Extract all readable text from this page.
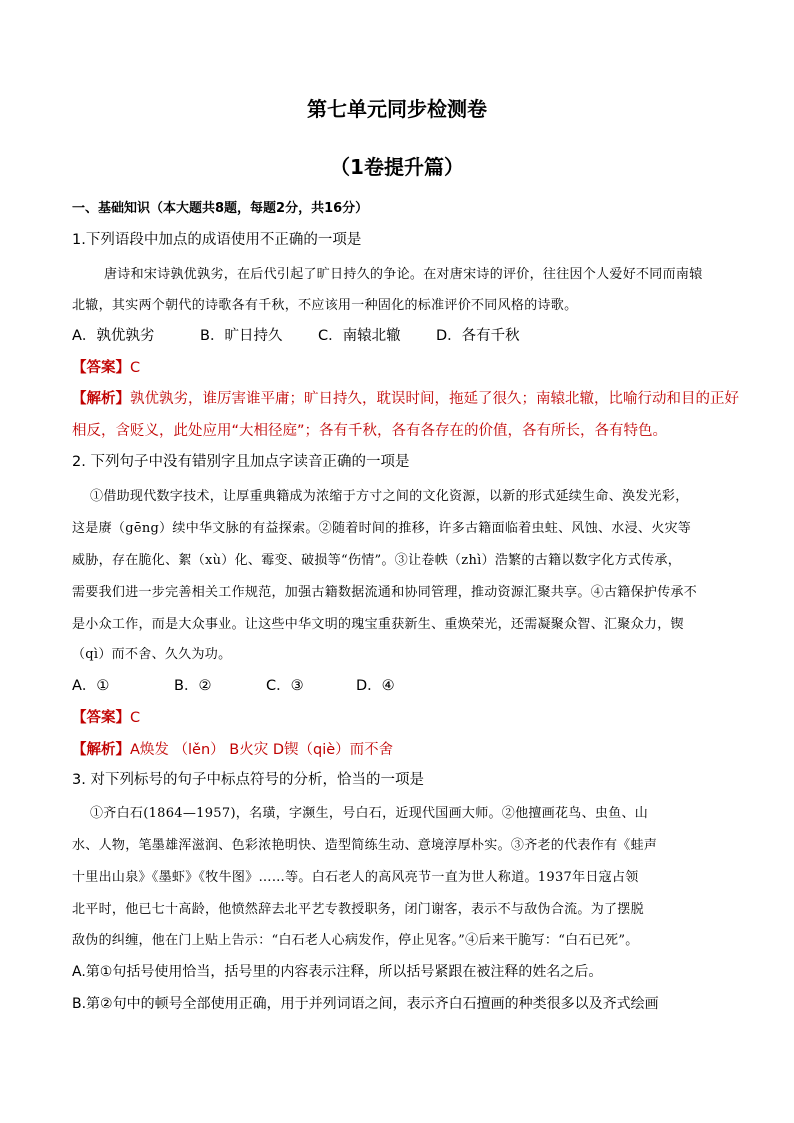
第七单元同步检测卷
（1卷提升篇）
一、基础知识（本大题共8题，每题2分，共16分）
1.下列语段中加点的成语使用不正确的一项是
唐诗和宋诗孰优孰劣，在后代引起了旷日持久的争论。在对唐宋诗的评价，往往因个人爱好不同而南辕
北辙，其实两个朝代的诗歌各有千秋，不应该用一种固化的标准评价不同风格的诗歌。
A．孰优孰劣	B．旷日持久 C．南辕北辙 D．各有千秋
【答案】C
【解析】孰优孰劣，谁厉害谁平庸；旷日持久，耽误时间，拖延了很久；南辕北辙，比喻行动和目的正好
相反，含贬义，此处应用“大相径庭”；各有千秋，各有各存在的价值，各有所长，各有特色。
2. 下列句子中没有错别字且加点字读音正确的一项是
①借助现代数字技术，让厚重典籍成为浓缩于方寸之间的文化资源，以新的形式延续生命、涣发光彩，
这是赓（gēng）续中华文脉的有益探索。②随着时间的推移，许多古籍面临着虫蛀、风蚀、水浸、火灾等
威胁，存在脆化、絮（xù）化、霉变、破损等“伤情”。③让卷帙（zhì）浩繁的古籍以数字化方式传承，
需要我们进一步完善相关工作规范，加强古籍数据流通和协同管理，推动资源汇聚共享。④古籍保护传承不
是小众工作，而是大众事业。让这些中华文明的瑰宝重获新生、重焕荣光，还需凝聚众智、汇聚众力，锲
（qì）而不舍、久久为功。
A．①	B．②	C．③	D．④
【答案】C
【解析】A焕发 （lěn） B火灾 D锲（qiè）而不舍
3. 对下列标号的句子中标点符号的分析，恰当的一项是
①齐白石(1864—1957)，名璜，字濒生，号白石，近现代国画大师。②他擅画花鸟、虫鱼、山
水、人物，笔墨雄浑滋润、色彩浓艳明快、造型简练生动、意境淳厚朴实。③齐老的代表作有《蛙声
十里出山泉》《墨虾》《牧牛图》……等。白石老人的高风亮节一直为世人称道。1937年日寇占领
北平时，他已七十高龄，他愤然辞去北平艺专教授职务，闭门谢客，表示不与敌伪合流。为了摆脱
敌伪的纠缠，他在门上贴上告示：“白石老人心病发作，停止见客。”④后来干脆写：“白石已死”。
A.第①句括号使用恰当，括号里的内容表示注释，所以括号紧跟在被注释的姓名之后。
B.第②句中的顿号全部使用正确，用于并列词语之间，表示齐白石擅画的种类很多以及齐式绘画
